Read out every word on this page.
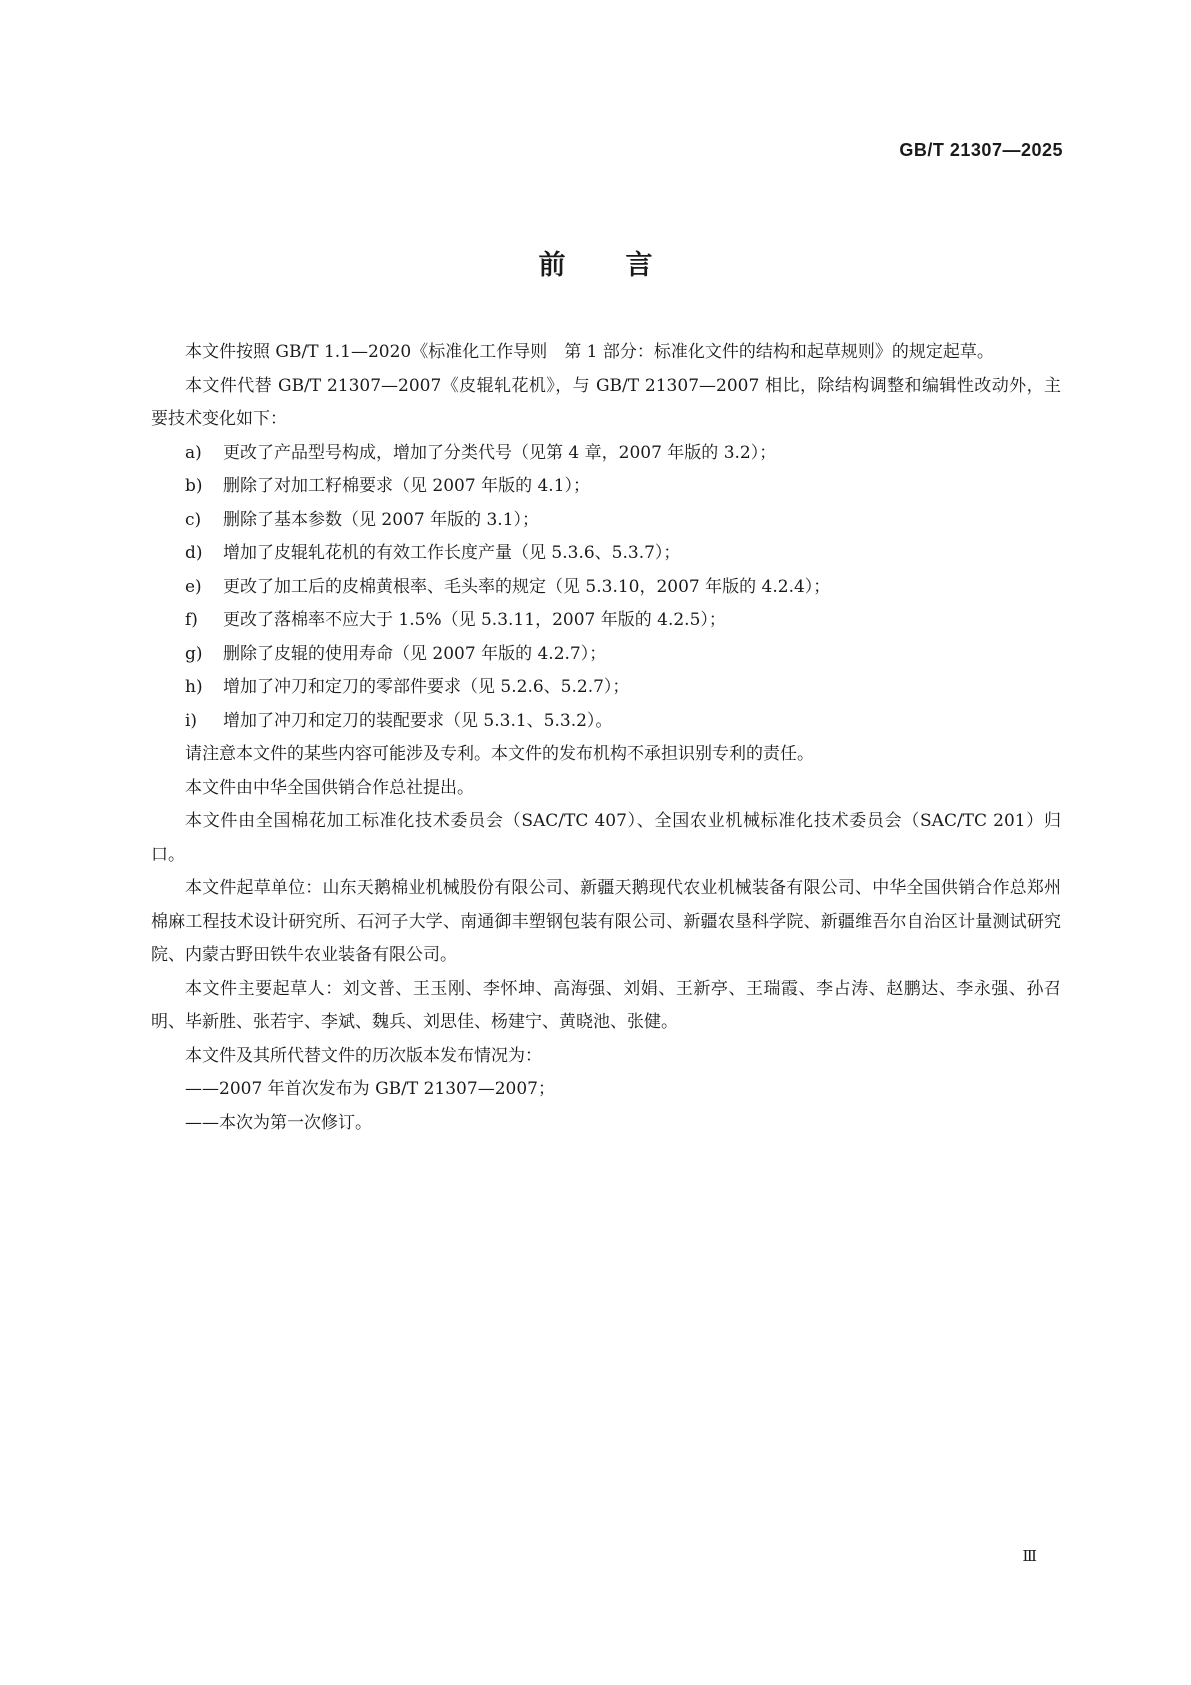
GB/T 21307—2025
前言

本文件按照 GB/T 1.1—2020《标准化工作导则　第 1 部分：标准化文件的结构和起草规则》的规定起草。

本文件代替 GB/T 21307—2007《皮辊轧花机》，与 GB/T 21307—2007 相比，除结构调整和编辑性改动外，主要技术变化如下：

a) 更改了产品型号构成，增加了分类代号（见第 4 章，2007 年版的 3.2）；

b) 删除了对加工籽棉要求（见 2007 年版的 4.1）；

c) 删除了基本参数（见 2007 年版的 3.1）；

d) 增加了皮辊轧花机的有效工作长度产量（见 5.3.6、5.3.7）；

e) 更改了加工后的皮棉黄根率、毛头率的规定（见 5.3.10，2007 年版的 4.2.4）；

f) 更改了落棉率不应大于 1.5%（见 5.3.11，2007 年版的 4.2.5）；

g) 删除了皮辊的使用寿命（见 2007 年版的 4.2.7）；

h) 增加了冲刀和定刀的零部件要求（见 5.2.6、5.2.7）；

i) 增加了冲刀和定刀的装配要求（见 5.3.1、5.3.2）。

请注意本文件的某些内容可能涉及专利。本文件的发布机构不承担识别专利的责任。

本文件由中华全国供销合作总社提出。

本文件由全国棉花加工标准化技术委员会（SAC/TC 407）、全国农业机械标准化技术委员会（SAC/TC 201）归口。

本文件起草单位：山东天鹅棉业机械股份有限公司、新疆天鹅现代农业机械装备有限公司、中华全国供销合作总郑州棉麻工程技术设计研究所、石河子大学、南通御丰塑钢包装有限公司、新疆农垦科学院、新疆维吾尔自治区计量测试研究院、内蒙古野田铁牛农业装备有限公司。

本文件主要起草人：刘文普、王玉刚、李怀坤、高海强、刘娟、王新亭、王瑞霞、李占涛、赵鹏达、李永强、孙召明、毕新胜、张若宇、李斌、魏兵、刘思佳、杨建宁、黄晓池、张健。

本文件及其所代替文件的历次版本发布情况为：

——2007 年首次发布为 GB/T 21307—2007；

——本次为第一次修订。

Ⅲ
